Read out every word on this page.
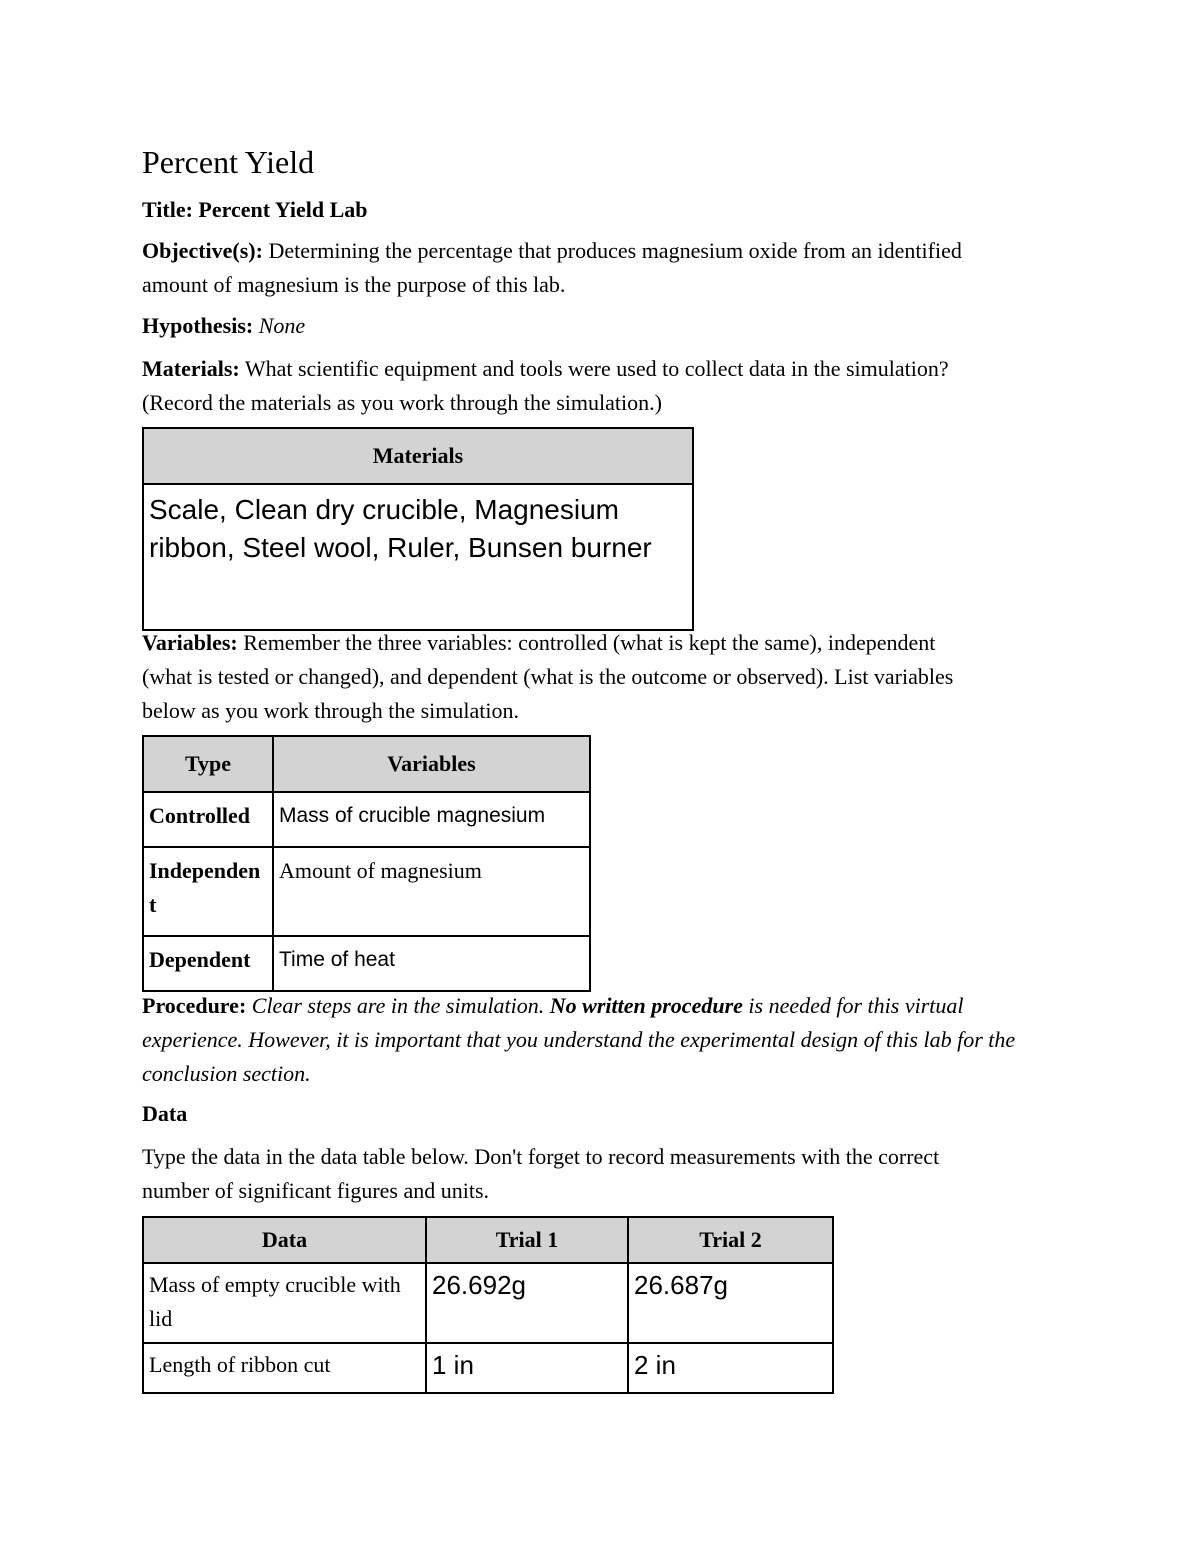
Percent Yield

Title: Percent Yield Lab

Objective(s): Determining the percentage that produces magnesium oxide from an identified amount of magnesium is the purpose of this lab.

Hypothesis: None

Materials: What scientific equipment and tools were used to collect data in the simulation? (Record the materials as you work through the simulation.)

Materials
Scale, Clean dry crucible, Magnesium ribbon, Steel wool, Ruler, Bunsen burner

Variables: Remember the three variables: controlled (what is kept the same), independent (what is tested or changed), and dependent (what is the outcome or observed). List variables below as you work through the simulation.

Type	Variables
Controlled	Mass of crucible magnesium
Independent	Amount of magnesium
Dependent	Time of heat

Procedure: Clear steps are in the simulation. No written procedure is needed for this virtual experience. However, it is important that you understand the experimental design of this lab for the conclusion section.

Data

Type the data in the data table below. Don't forget to record measurements with the correct number of significant figures and units.

Data	Trial 1	Trial 2
Mass of empty crucible with lid	26.692g	26.687g
Length of ribbon cut	1 in	2 in
